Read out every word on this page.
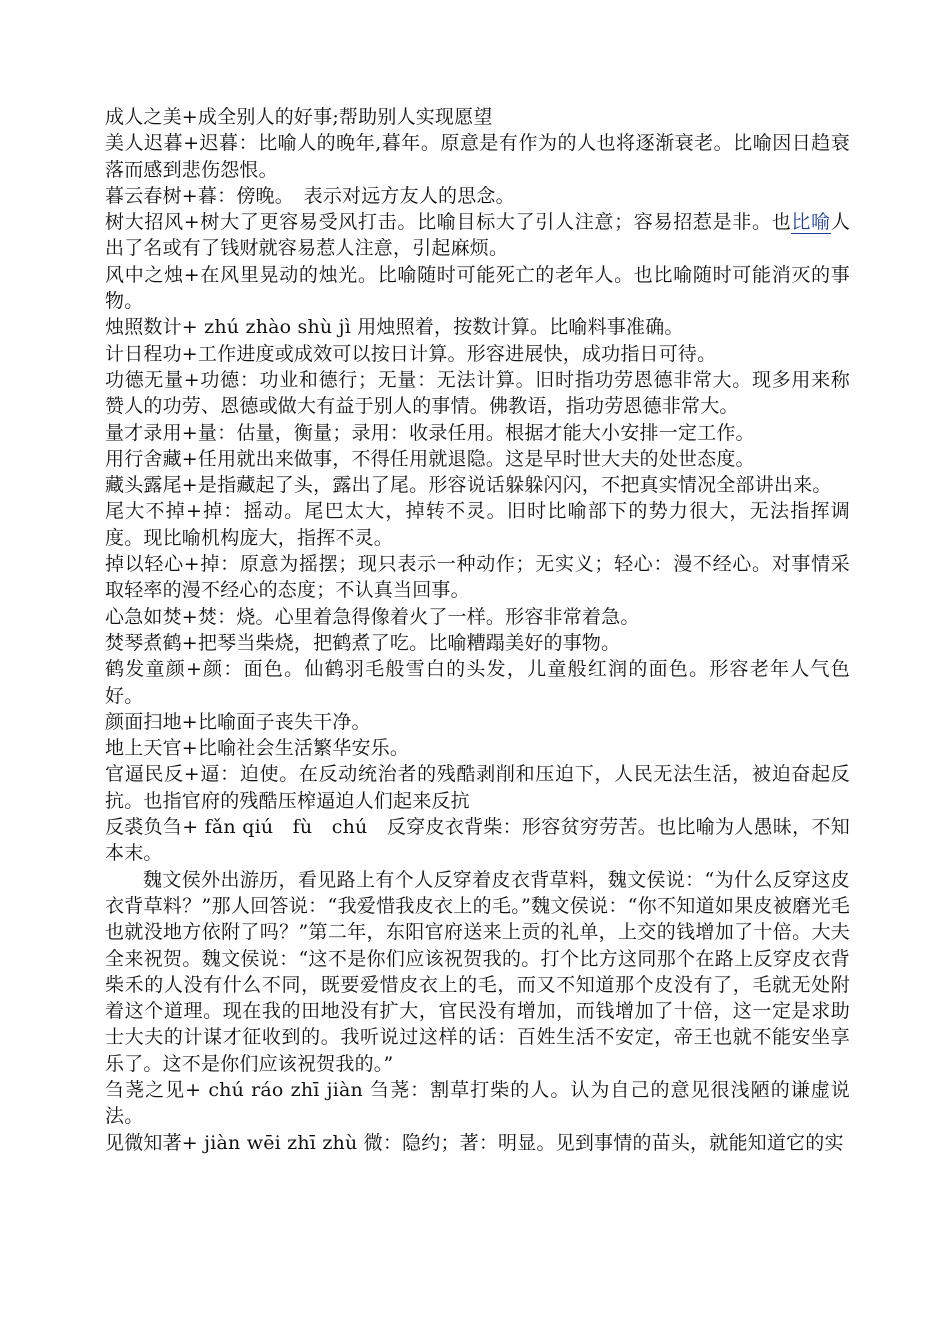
成人之美+成全别人的好事;帮助别人实现愿望

美人迟暮+迟暮：比喻人的晚年,暮年。原意是有作为的人也将逐渐衰老。比喻因日趋衰落而感到悲伤怨恨。

暮云春树+暮：傍晚。　表示对远方友人的思念。

树大招风+树大了更容易受风打击。比喻目标大了引人注意；容易招惹是非。也比喻人出了名或有了钱财就容易惹人注意，引起麻烦。

风中之烛+在风里晃动的烛光。比喻随时可能死亡的老年人。也比喻随时可能消灭的事物。

烛照数计+ zhú zhào shù jì 用烛照着，按数计算。比喻料事准确。

计日程功+工作进度或成效可以按日计算。形容进展快，成功指日可待。

功德无量+功德：功业和德行；无量：无法计算。旧时指功劳恩德非常大。现多用来称赞人的功劳、恩德或做大有益于别人的事情。佛教语，指功劳恩德非常大。

量才录用+量：估量，衡量；录用：收录任用。根据才能大小安排一定工作。

用行舍藏+任用就出来做事，不得任用就退隐。这是早时世大夫的处世态度。

藏头露尾+是指藏起了头，露出了尾。形容说话躲躲闪闪，不把真实情况全部讲出来。

尾大不掉+掉：摇动。尾巴太大，掉转不灵。旧时比喻部下的势力很大，无法指挥调度。现比喻机构庞大，指挥不灵。

掉以轻心+掉：原意为摇摆；现只表示一种动作；无实义；轻心：漫不经心。对事情采取轻率的漫不经心的态度；不认真当回事。

心急如焚+焚：烧。心里着急得像着火了一样。形容非常着急。

焚琴煮鹤+把琴当柴烧，把鹤煮了吃。比喻糟蹋美好的事物。

鹤发童颜+颜：面色。仙鹤羽毛般雪白的头发，儿童般红润的面色。形容老年人气色好。

颜面扫地+比喻面子丧失干净。

地上天官+比喻社会生活繁华安乐。

官逼民反+逼：迫使。在反动统治者的残酷剥削和压迫下，人民无法生活，被迫奋起反抗。也指官府的残酷压榨逼迫人们起来反抗

反裘负刍+ fǎn qiú　fù　chú　反穿皮衣背柴：形容贫穷劳苦。也比喻为人愚昧，不知本末。

魏文侯外出游历，看见路上有个人反穿着皮衣背草料，魏文侯说：“为什么反穿这皮衣背草料？”那人回答说：“我爱惜我皮衣上的毛。”魏文侯说：“你不知道如果皮被磨光毛也就没地方依附了吗？”第二年，东阳官府送来上贡的礼单，上交的钱增加了十倍。大夫全来祝贺。魏文侯说：“这不是你们应该祝贺我的。打个比方这同那个在路上反穿皮衣背柴禾的人没有什么不同，既要爱惜皮衣上的毛，而又不知道那个皮没有了，毛就无处附着这个道理。现在我的田地没有扩大，官民没有增加，而钱增加了十倍，这一定是求助士大夫的计谋才征收到的。我听说过这样的话：百姓生活不安定，帝王也就不能安坐享乐了。这不是你们应该祝贺我的。”

刍荛之见+ chú ráo zhī jiàn 刍荛：割草打柴的人。认为自己的意见很浅陋的谦虚说法。

见微知著+ jiàn wēi zhī zhù 微：隐约；著：明显。见到事情的苗头，就能知道它的实
